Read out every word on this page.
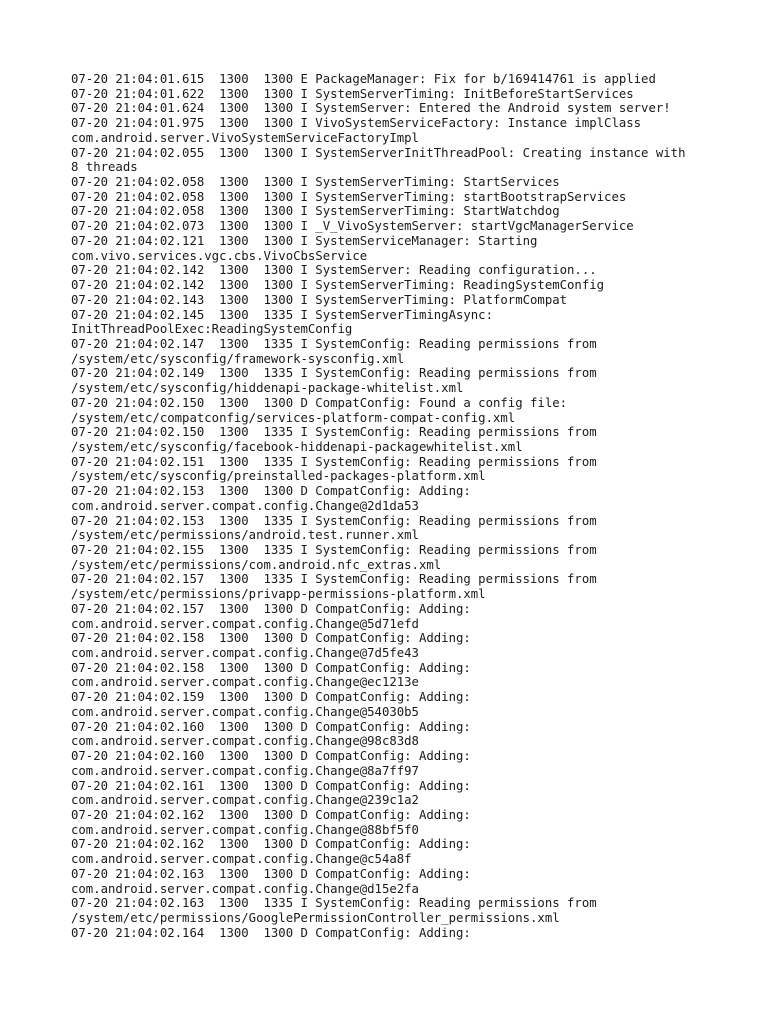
07-20 21:04:01.615  1300  1300 E PackageManager: Fix for b/169414761 is applied
07-20 21:04:01.622  1300  1300 I SystemServerTiming: InitBeforeStartServices
07-20 21:04:01.624  1300  1300 I SystemServer: Entered the Android system server!
07-20 21:04:01.975  1300  1300 I VivoSystemServiceFactory: Instance implClass
com.android.server.VivoSystemServiceFactoryImpl
07-20 21:04:02.055  1300  1300 I SystemServerInitThreadPool: Creating instance with
8 threads
07-20 21:04:02.058  1300  1300 I SystemServerTiming: StartServices
07-20 21:04:02.058  1300  1300 I SystemServerTiming: startBootstrapServices
07-20 21:04:02.058  1300  1300 I SystemServerTiming: StartWatchdog
07-20 21:04:02.073  1300  1300 I _V_VivoSystemServer: startVgcManagerService
07-20 21:04:02.121  1300  1300 I SystemServiceManager: Starting
com.vivo.services.vgc.cbs.VivoCbsService
07-20 21:04:02.142  1300  1300 I SystemServer: Reading configuration...
07-20 21:04:02.142  1300  1300 I SystemServerTiming: ReadingSystemConfig
07-20 21:04:02.143  1300  1300 I SystemServerTiming: PlatformCompat
07-20 21:04:02.145  1300  1335 I SystemServerTimingAsync:
InitThreadPoolExec:ReadingSystemConfig
07-20 21:04:02.147  1300  1335 I SystemConfig: Reading permissions from
/system/etc/sysconfig/framework-sysconfig.xml
07-20 21:04:02.149  1300  1335 I SystemConfig: Reading permissions from
/system/etc/sysconfig/hiddenapi-package-whitelist.xml
07-20 21:04:02.150  1300  1300 D CompatConfig: Found a config file:
/system/etc/compatconfig/services-platform-compat-config.xml
07-20 21:04:02.150  1300  1335 I SystemConfig: Reading permissions from
/system/etc/sysconfig/facebook-hiddenapi-packagewhitelist.xml
07-20 21:04:02.151  1300  1335 I SystemConfig: Reading permissions from
/system/etc/sysconfig/preinstalled-packages-platform.xml
07-20 21:04:02.153  1300  1300 D CompatConfig: Adding:
com.android.server.compat.config.Change@2d1da53
07-20 21:04:02.153  1300  1335 I SystemConfig: Reading permissions from
/system/etc/permissions/android.test.runner.xml
07-20 21:04:02.155  1300  1335 I SystemConfig: Reading permissions from
/system/etc/permissions/com.android.nfc_extras.xml
07-20 21:04:02.157  1300  1335 I SystemConfig: Reading permissions from
/system/etc/permissions/privapp-permissions-platform.xml
07-20 21:04:02.157  1300  1300 D CompatConfig: Adding:
com.android.server.compat.config.Change@5d71efd
07-20 21:04:02.158  1300  1300 D CompatConfig: Adding:
com.android.server.compat.config.Change@7d5fe43
07-20 21:04:02.158  1300  1300 D CompatConfig: Adding:
com.android.server.compat.config.Change@ec1213e
07-20 21:04:02.159  1300  1300 D CompatConfig: Adding:
com.android.server.compat.config.Change@54030b5
07-20 21:04:02.160  1300  1300 D CompatConfig: Adding:
com.android.server.compat.config.Change@98c83d8
07-20 21:04:02.160  1300  1300 D CompatConfig: Adding:
com.android.server.compat.config.Change@8a7ff97
07-20 21:04:02.161  1300  1300 D CompatConfig: Adding:
com.android.server.compat.config.Change@239c1a2
07-20 21:04:02.162  1300  1300 D CompatConfig: Adding:
com.android.server.compat.config.Change@88bf5f0
07-20 21:04:02.162  1300  1300 D CompatConfig: Adding:
com.android.server.compat.config.Change@c54a8f
07-20 21:04:02.163  1300  1300 D CompatConfig: Adding:
com.android.server.compat.config.Change@d15e2fa
07-20 21:04:02.163  1300  1335 I SystemConfig: Reading permissions from
/system/etc/permissions/GooglePermissionController_permissions.xml
07-20 21:04:02.164  1300  1300 D CompatConfig: Adding:
